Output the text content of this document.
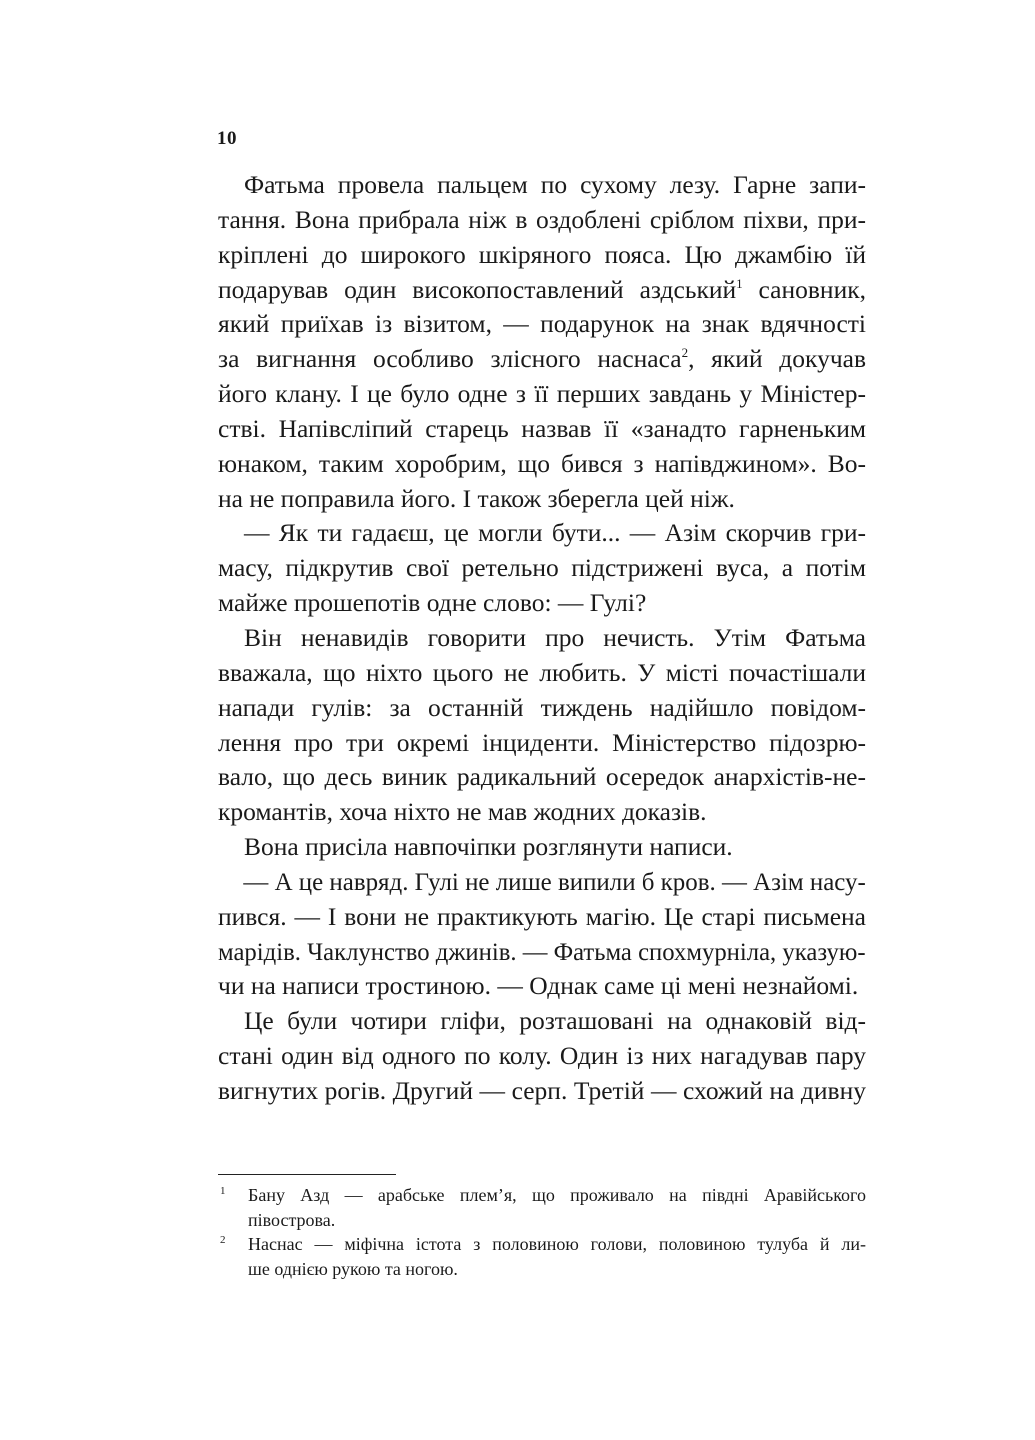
10
Фатьма провела пальцем по сухому лезу. Гарне запи-
тання. Вона прибрала ніж в оздоблені сріблом піхви, при-
кріплені до широкого шкіряного пояса. Цю джамбію їй
подарував один високопоставлений аздський$^1$ сановник,
який приїхав із візитом, — подарунок на знак вдячності
за вигнання особливо злісного наснаса$^2$, який докучав
його клану. І це було одне з її перших завдань у Міністер-
стві. Напівсліпий старець назвав її «занадто гарненьким
юнаком, таким хоробрим, що бився з напівджином». Во-
на не поправила його. І також зберегла цей ніж.
— Як ти гадаєш, це могли бути... — Азім скорчив гри-
масу, підкрутив свої ретельно підстрижені вуса, а потім
майже прошепотів одне слово: — Гулі?
Він ненавидів говорити про нечисть. Утім Фатьма
вважала, що ніхто цього не любить. У місті почастішали
напади гулів: за останній тиждень надійшло повідом-
лення про три окремі інциденти. Міністерство підозрю-
вало, що десь виник радикальний осередок анархістів-не-
кромантів, хоча ніхто не мав жодних доказів.
Вона присіла навпочіпки розглянути написи.
— А це навряд. Гулі не лише випили б кров. — Азім насу-
пився. — І вони не практикують магію. Це старі письмена
марідів. Чаклунство джинів. — Фатьма спохмурніла, указую-
чи на написи тростиною. — Однак саме ці мені незнайомі.
Це були чотири гліфи, розташовані на однаковій від-
стані один від одного по колу. Один із них нагадував пару
вигнутих рогів. Другий — серп. Третій — схожий на дивну
1 Бану Азд — арабське плем’я, що проживало на півдні Аравійського
півострова.
2 Наснас — міфічна істота з половиною голови, половиною тулуба й ли-
ше однією рукою та ногою.
